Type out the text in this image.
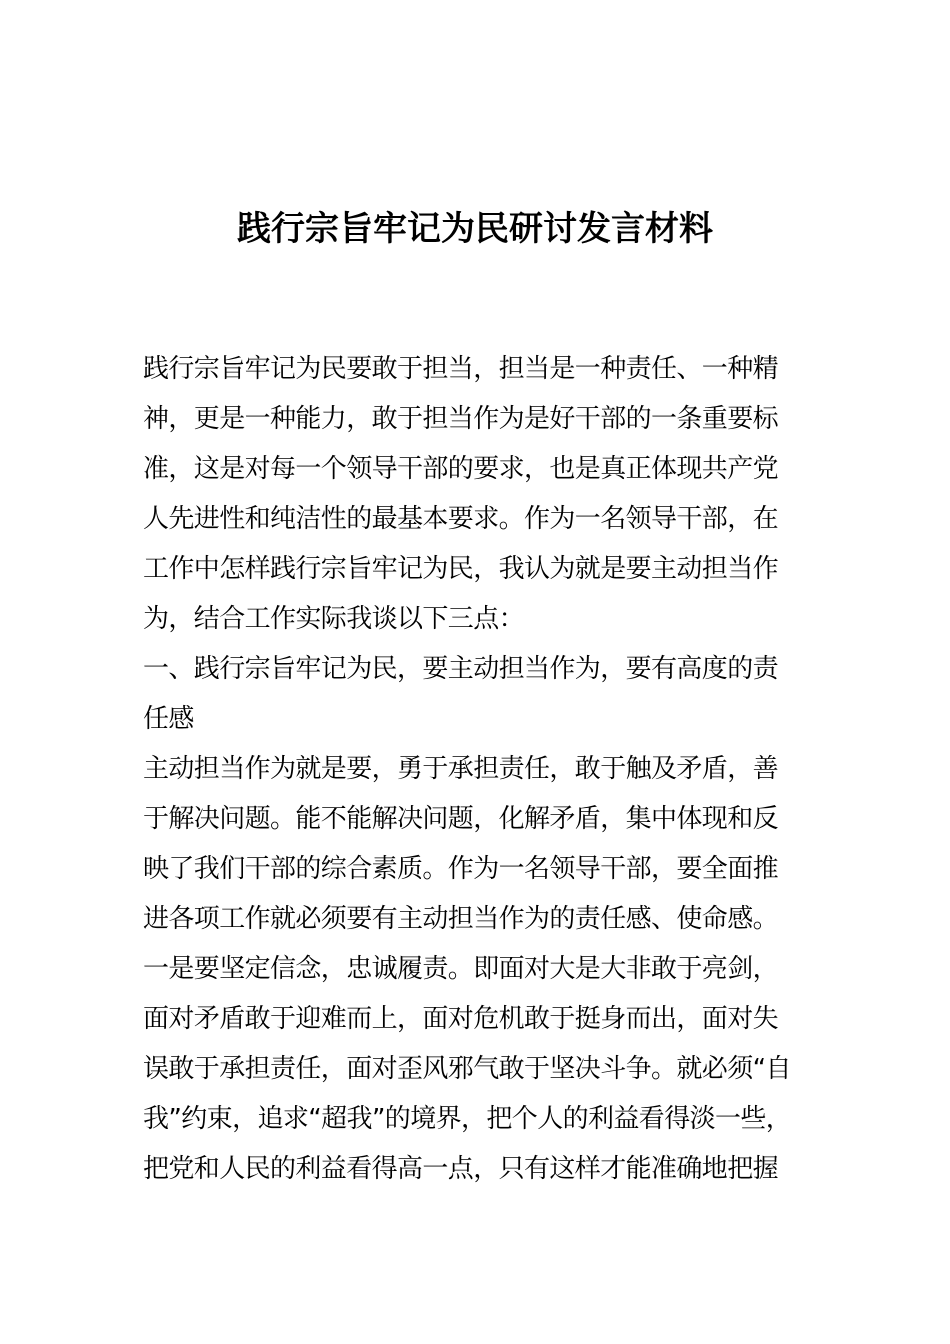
践行宗旨牢记为民研讨发言材料
践行宗旨牢记为民要敢于担当，担当是一种责任、一种精
神，更是一种能力，敢于担当作为是好干部的一条重要标
准，这是对每一个领导干部的要求，也是真正体现共产党
人先进性和纯洁性的最基本要求。作为一名领导干部，在
工作中怎样践行宗旨牢记为民，我认为就是要主动担当作
为，结合工作实际我谈以下三点：
一、践行宗旨牢记为民，要主动担当作为，要有高度的责
任感
主动担当作为就是要，勇于承担责任，敢于触及矛盾，善
于解决问题。能不能解决问题，化解矛盾，集中体现和反
映了我们干部的综合素质。作为一名领导干部，要全面推
进各项工作就必须要有主动担当作为的责任感、使命感。
一是要坚定信念，忠诚履责。即面对大是大非敢于亮剑，
面对矛盾敢于迎难而上，面对危机敢于挺身而出，面对失
误敢于承担责任，面对歪风邪气敢于坚决斗争。就必须“自
我”约束，追求“超我”的境界，把个人的利益看得淡一些，
把党和人民的利益看得高一点，只有这样才能准确地把握
